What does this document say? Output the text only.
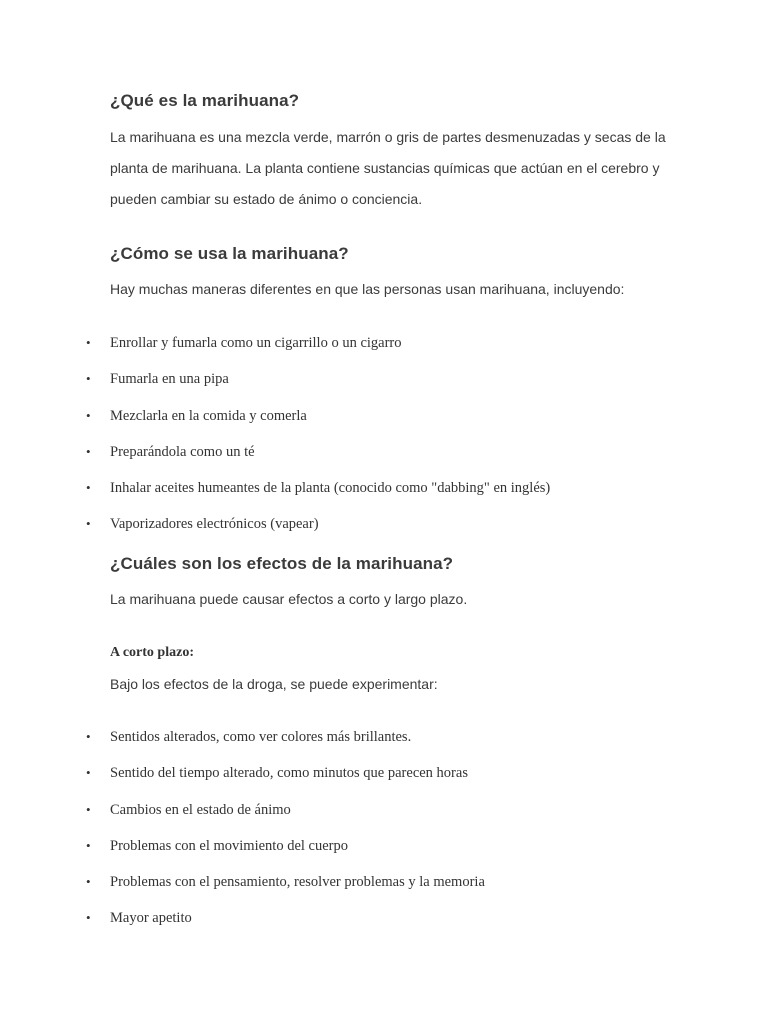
¿Qué es la marihuana?

La marihuana es una mezcla verde, marrón o gris de partes desmenuzadas y secas de la planta de marihuana. La planta contiene sustancias químicas que actúan en el cerebro y pueden cambiar su estado de ánimo o conciencia.

¿Cómo se usa la marihuana?

Hay muchas maneras diferentes en que las personas usan marihuana, incluyendo:

• Enrollar y fumarla como un cigarrillo o un cigarro
• Fumarla en una pipa
• Mezclarla en la comida y comerla
• Preparándola como un té
• Inhalar aceites humeantes de la planta (conocido como "dabbing" en inglés)
• Vaporizadores electrónicos (vapear)
¿Cuáles son los efectos de la marihuana?

La marihuana puede causar efectos a corto y largo plazo.

A corto plazo:

Bajo los efectos de la droga, se puede experimentar:

• Sentidos alterados, como ver colores más brillantes.
• Sentido del tiempo alterado, como minutos que parecen horas
• Cambios en el estado de ánimo
• Problemas con el movimiento del cuerpo
• Problemas con el pensamiento, resolver problemas y la memoria
• Mayor apetito
